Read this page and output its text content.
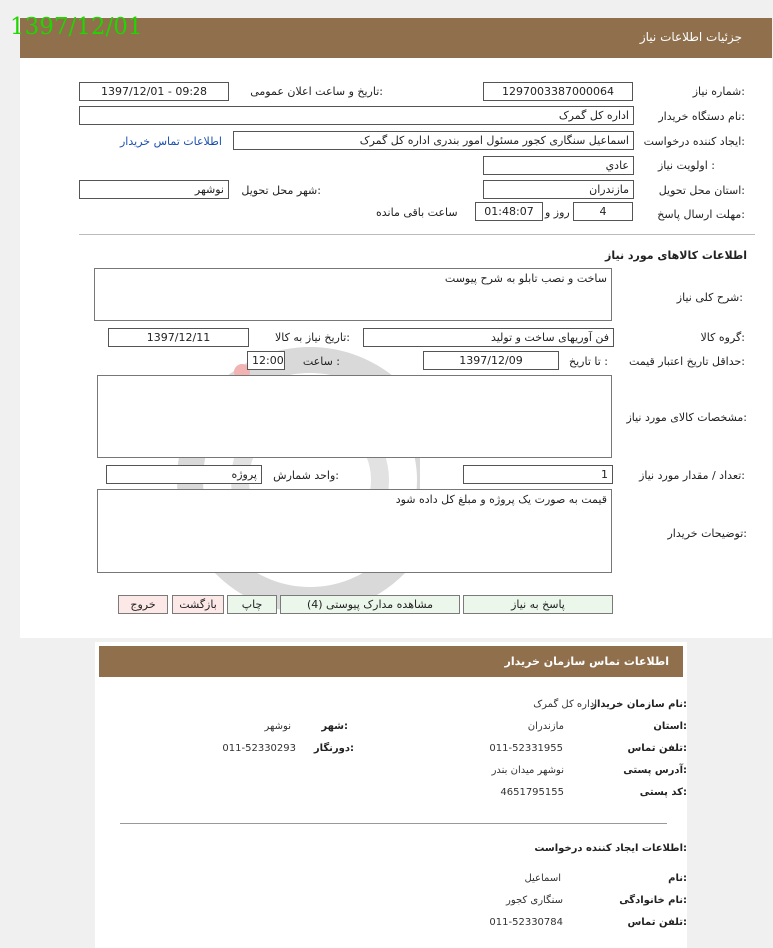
جزئیات اطلاعات نیاز
1397/12/01
شماره نیاز:
1297003387000064
تاریخ و ساعت اعلان عمومی:
1397/12/01 - 09:28
نام دستگاه خریدار:
اداره کل گمرک
ایجاد کننده درخواست:
اسماعیل سنگاری کجور مسئول امور بندری اداره کل گمرک
اطلاعات تماس خریدار
اولویت نیاز :
عادي
استان محل تحویل:
مازندران
شهر محل تحویل:
نوشهر
مهلت ارسال پاسخ:
4
روز و
01:48:07
ساعت باقی مانده
اطلاعات کالاهای مورد نیاز
شرح کلی نیاز:
ساخت و نصب تابلو به شرح پیوست
گروه کالا:
فن آوریهای ساخت و تولید
تاریخ نیاز به کالا:
1397/12/11
حداقل تاریخ اعتبار قیمت:
تا تاریخ :
1397/12/09
ساعت :
12:00
مشخصات کالای مورد نیاز:
تعداد / مقدار مورد نیاز:
1
واحد شمارش:
پروژه
توضیحات خریدار:
قیمت به صورت یک پروژه و مبلغ کل داده شود
پاسخ به نیاز
مشاهده مدارک پیوستی (4)
چاپ
بازگشت
خروج
اطلاعات تماس سازمان خریدار
نام سازمان خریدار:
اداره کل گمرک
استان:
مازندران
شهر:
نوشهر
تلفن تماس:
011-52331955
دورنگار:
011-52330293
آدرس پستی:
نوشهر میدان بندر
کد پستی:
4651795155
اطلاعات ایجاد کننده درخواست:
نام:
اسماعیل
نام خانوادگی:
سنگاری کجور
تلفن تماس:
011-52330784
